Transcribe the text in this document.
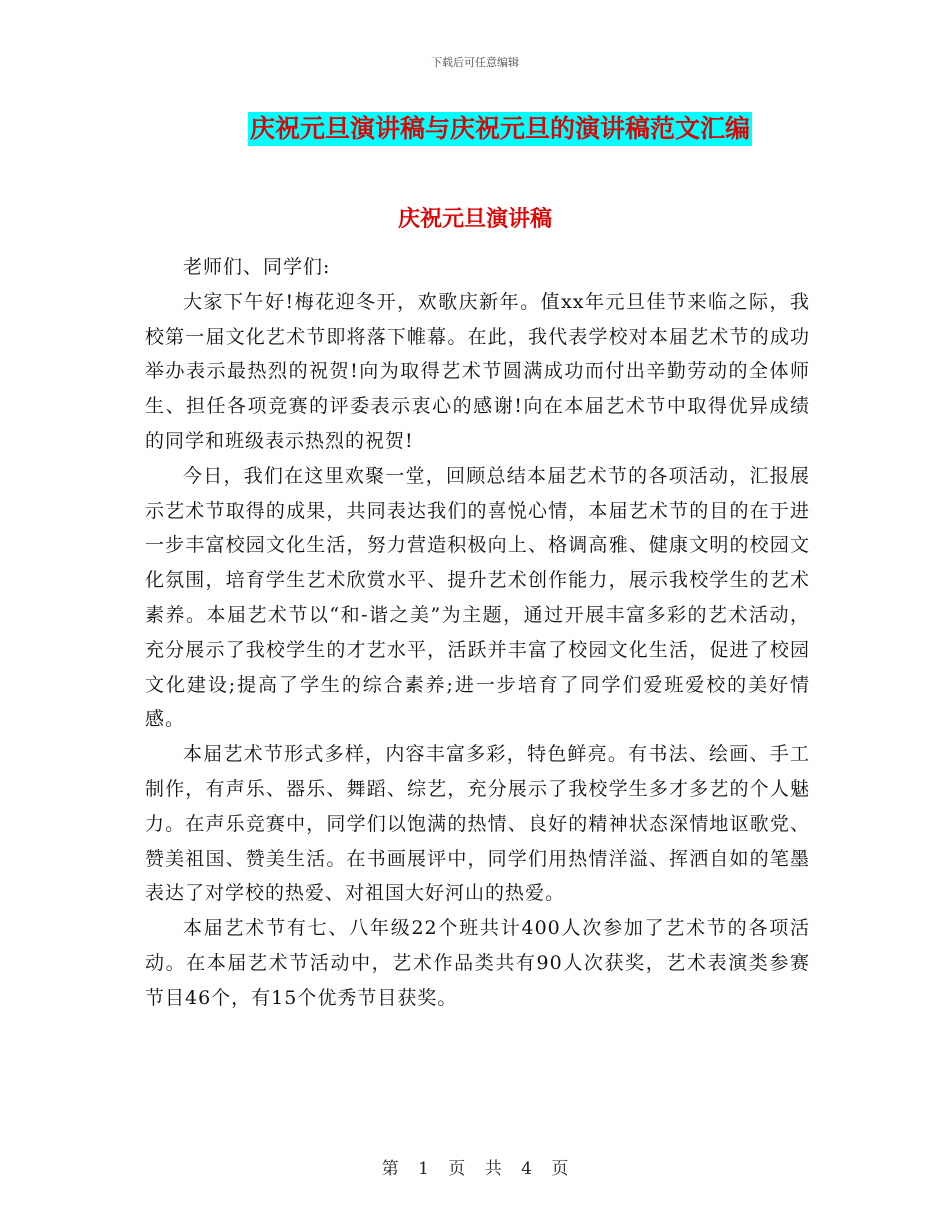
下载后可任意编辑
庆祝元旦演讲稿与庆祝元旦的演讲稿范文汇编
庆祝元旦演讲稿

老师们、同学们:

大家下午好!梅花迎冬开，欢歌庆新年。值xx年元旦佳节来临之际，我校第一届文化艺术节即将落下帷幕。在此，我代表学校对本届艺术节的成功举办表示最热烈的祝贺!向为取得艺术节圆满成功而付出辛勤劳动的全体师生、担任各项竞赛的评委表示衷心的感谢!向在本届艺术节中取得优异成绩的同学和班级表示热烈的祝贺!

今日，我们在这里欢聚一堂，回顾总结本届艺术节的各项活动，汇报展示艺术节取得的成果，共同表达我们的喜悦心情，本届艺术节的目的在于进一步丰富校园文化生活，努力营造积极向上、格调高雅、健康文明的校园文化氛围，培育学生艺术欣赏水平、提升艺术创作能力，展示我校学生的艺术素养。本届艺术节以“和-谐之美”为主题，通过开展丰富多彩的艺术活动，充分展示了我校学生的才艺水平，活跃并丰富了校园文化生活，促进了校园文化建设;提高了学生的综合素养;进一步培育了同学们爱班爱校的美好情感。

本届艺术节形式多样，内容丰富多彩，特色鲜亮。有书法、绘画、手工制作，有声乐、器乐、舞蹈、综艺，充分展示了我校学生多才多艺的个人魅力。在声乐竞赛中，同学们以饱满的热情、良好的精神状态深情地讴歌党、赞美祖国、赞美生活。在书画展评中，同学们用热情洋溢、挥洒自如的笔墨表达了对学校的热爱、对祖国大好河山的热爱。

本届艺术节有七、八年级22个班共计400人次参加了艺术节的各项活动。在本届艺术节活动中，艺术作品类共有90人次获奖，艺术表演类参赛节目46个，有15个优秀节目获奖。

第 1 页 共 4 页
